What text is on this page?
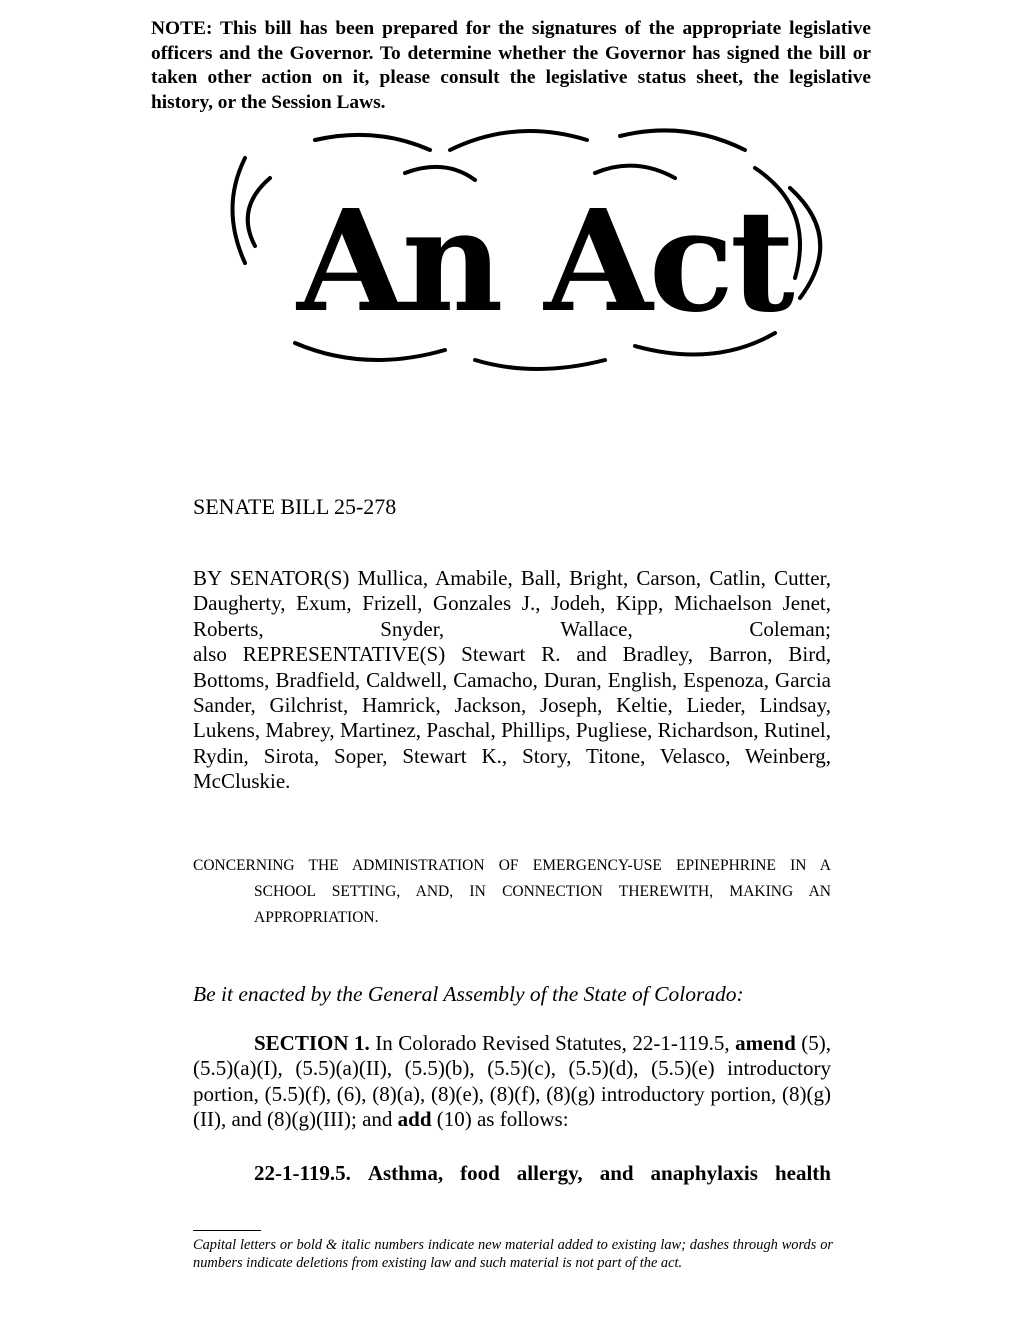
NOTE: This bill has been prepared for the signatures of the appropriate legislative officers and the Governor. To determine whether the Governor has signed the bill or taken other action on it, please consult the legislative status sheet, the legislative history, or the Session Laws.

An Act

SENATE BILL 25-278

BY SENATOR(S) Mullica, Amabile, Ball, Bright, Carson, Catlin, Cutter, Daugherty, Exum, Frizell, Gonzales J., Jodeh, Kipp, Michaelson Jenet, Roberts, Snyder, Wallace, Coleman;

also REPRESENTATIVE(S) Stewart R. and Bradley, Barron, Bird, Bottoms, Bradfield, Caldwell, Camacho, Duran, English, Espenoza, Garcia Sander, Gilchrist, Hamrick, Jackson, Joseph, Keltie, Lieder, Lindsay, Lukens, Mabrey, Martinez, Paschal, Phillips, Pugliese, Richardson, Rutinel, Rydin, Sirota, Soper, Stewart K., Story, Titone, Velasco, Weinberg, McCluskie.

CONCERNING THE ADMINISTRATION OF EMERGENCY-USE EPINEPHRINE IN A
SCHOOL SETTING, AND, IN CONNECTION THEREWITH, MAKING AN APPROPRIATION.

Be it enacted by the General Assembly of the State of Colorado:

SECTION 1. In Colorado Revised Statutes, 22-1-119.5, amend (5), (5.5)(a)(I), (5.5)(a)(II), (5.5)(b), (5.5)(c), (5.5)(d), (5.5)(e) introductory portion, (5.5)(f), (6), (8)(a), (8)(e), (8)(f), (8)(g) introductory portion, (8)(g)(II), and (8)(g)(III); and add (10) as follows:

22-1-119.5. Asthma, food allergy, and anaphylaxis health

Capital letters or bold & italic numbers indicate new material added to existing law; dashes through words or numbers indicate deletions from existing law and such material is not part of the act.
